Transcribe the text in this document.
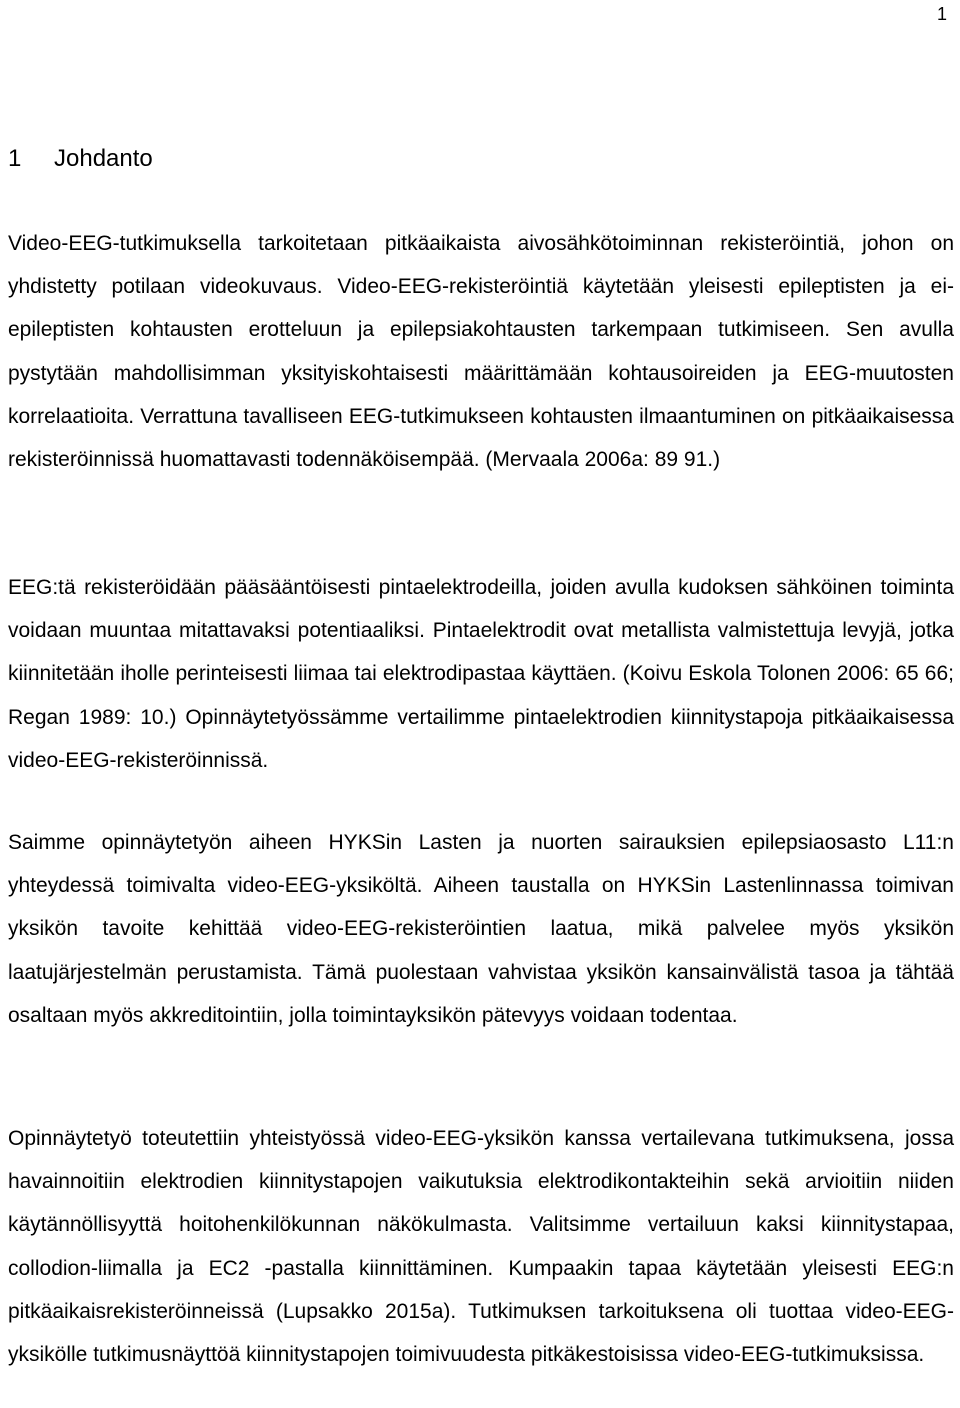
1
1	Johdanto
Video-EEG-tutkimuksella tarkoitetaan pitkäaikaista aivosähkötoiminnan rekisteröintiä, johon on yhdistetty potilaan videokuvaus. Video-EEG-rekisteröintiä käytetään yleisesti epileptisten ja ei-epileptisten kohtausten erotteluun ja epilepsiakohtausten tarkempaan tutkimiseen. Sen avulla pystytään mahdollisimman yksityiskohtaisesti määrittämään kohtausoireiden ja EEG-muutosten korrelaatioita. Verrattuna tavalliseen EEG-tutkimukseen kohtausten ilmaantuminen on pitkäaikaisessa rekisteröinnissä huomattavasti todennäköisempää. (Mervaala 2006a: 89 91.)
EEG:tä rekisteröidään pääsääntöisesti pintaelektrodeilla, joiden avulla kudoksen sähköinen toiminta voidaan muuntaa mitattavaksi potentiaaliksi. Pintaelektrodit ovat metallista valmistettuja levyjä, jotka kiinnitetään iholle perinteisesti liimaa tai elektrodipastaa käyttäen. (Koivu Eskola Tolonen 2006: 65 66; Regan 1989: 10.) Opinnäytetyössämme vertailimme pintaelektrodien kiinnitystapoja pitkäaikaisessa video-EEG-rekisteröinnissä.
Saimme opinnäytetyön aiheen HYKSin Lasten ja nuorten sairauksien epilepsiaosasto L11:n yhteydessä toimivalta video-EEG-yksiköltä. Aiheen taustalla on HYKSin Lastenlinnassa toimivan yksikön tavoite kehittää video-EEG-rekisteröintien laatua, mikä palvelee myös yksikön laatujärjestelmän perustamista. Tämä puolestaan vahvistaa yksikön kansainvälistä tasoa ja tähtää osaltaan myös akkreditointiin, jolla toimintayksikön pätevyys voidaan todentaa.
Opinnäytetyö toteutettiin yhteistyössä video-EEG-yksikön kanssa vertailevana tutkimuksena, jossa havainnoitiin elektrodien kiinnitystapojen vaikutuksia elektrodikontakteihin sekä arvioitiin niiden käytännöllisyyttä hoitohenkilökunnan näkökulmasta. Valitsimme vertailuun kaksi kiinnitystapaa, collodion-liimalla ja EC2 -pastalla kiinnittäminen. Kumpaakin tapaa käytetään yleisesti EEG:n pitkäaikaisrekisteröinneissä (Lupsakko 2015a). Tutkimuksen tarkoituksena oli tuottaa video-EEG-yksikölle tutkimusnäyttöä kiinnitystapojen toimivuudesta pitkäkestoisissa video-EEG-tutkimuksissa.
